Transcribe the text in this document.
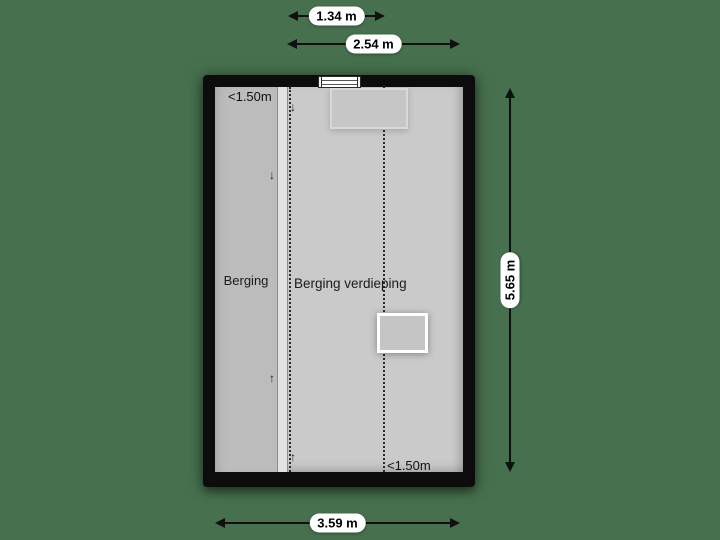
1.34 m
2.54 m
5.65 m
3.59 m
<1.50m
<1.50m
Berging	Berging verdieping
↓
↓
↑
↑
